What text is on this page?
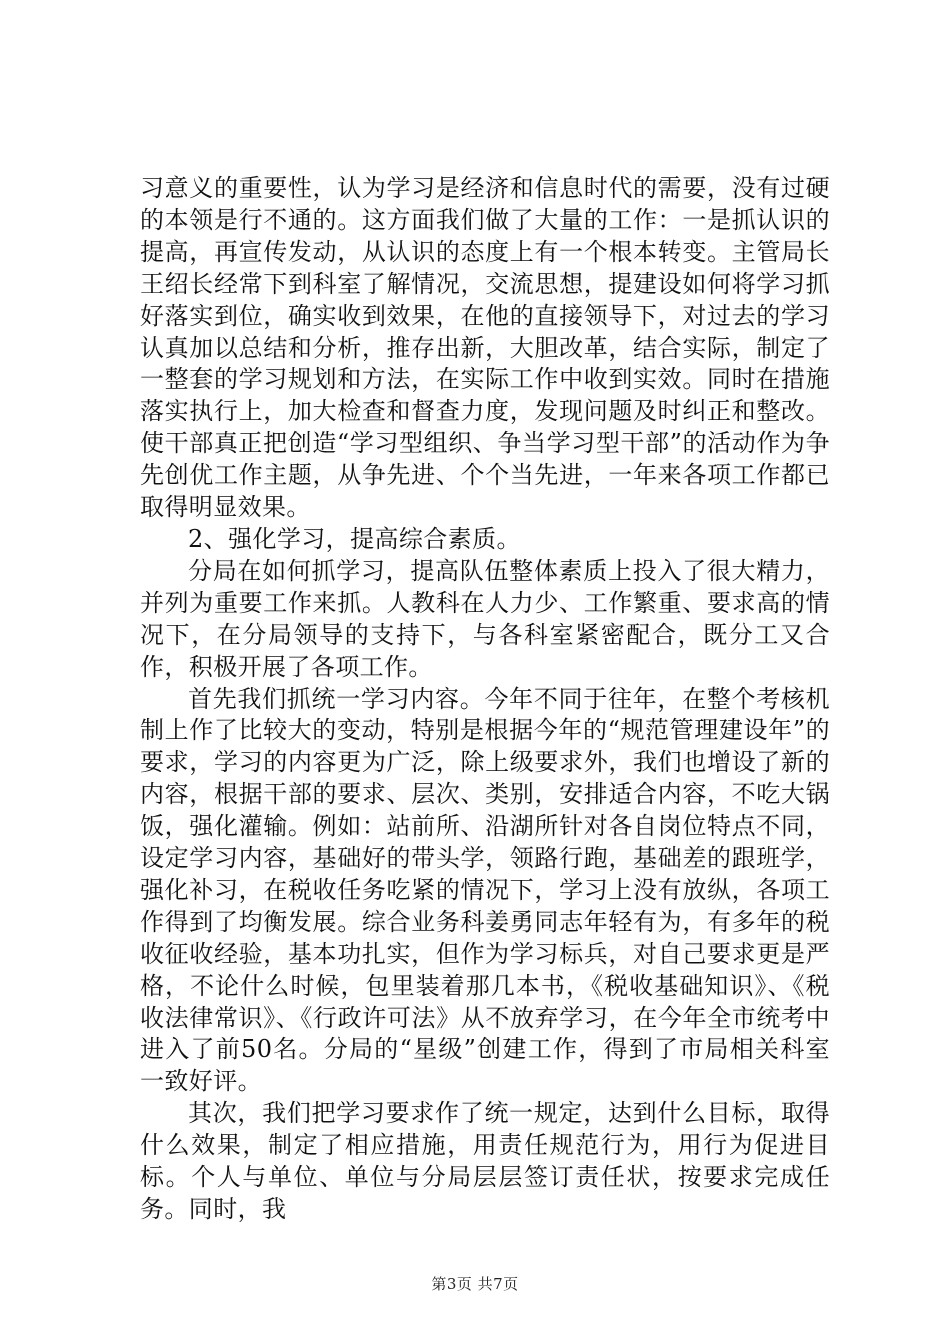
习意义的重要性，认为学习是经济和信息时代的需要，没有过硬的本领是行不通的。这方面我们做了大量的工作：一是抓认识的提高，再宣传发动，从认识的态度上有一个根本转变。主管局长王绍长经常下到科室了解情况，交流思想，提建设如何将学习抓好落实到位，确实收到效果，在他的直接领导下，对过去的学习认真加以总结和分析，推存出新，大胆改革，结合实际，制定了一整套的学习规划和方法，在实际工作中收到实效。同时在措施落实执行上，加大检查和督查力度，发现问题及时纠正和整改。使干部真正把创造“学习型组织、争当学习型干部”的活动作为争先创优工作主题，从争先进、个个当先进，一年来各项工作都已取得明显效果。

2、强化学习，提高综合素质。

分局在如何抓学习，提高队伍整体素质上投入了很大精力，并列为重要工作来抓。人教科在人力少、工作繁重、要求高的情况下，在分局领导的支持下，与各科室紧密配合，既分工又合作，积极开展了各项工作。

首先我们抓统一学习内容。今年不同于往年，在整个考核机制上作了比较大的变动，特别是根据今年的“规范管理建设年”的要求，学习的内容更为广泛，除上级要求外，我们也增设了新的内容，根据干部的要求、层次、类别，安排适合内容，不吃大锅饭，强化灌输。例如：站前所、沿湖所针对各自岗位特点不同，设定学习内容，基础好的带头学，领路行跑，基础差的跟班学，强化补习，在税收任务吃紧的情况下，学习上没有放纵，各项工作得到了均衡发展。综合业务科姜勇同志年轻有为，有多年的税收征收经验，基本功扎实，但作为学习标兵，对自己要求更是严格，不论什么时候，包里装着那几本书，《税收基础知识》、《税收法律常识》、《行政许可法》从不放弃学习，在今年全市统考中进入了前50名。分局的“星级”创建工作，得到了市局相关科室一致好评。

其次，我们把学习要求作了统一规定，达到什么目标，取得什么效果，制定了相应措施，用责任规范行为，用行为促进目标。个人与单位、单位与分局层层签订责任状，按要求完成任务。同时，我

第3页 共7页
